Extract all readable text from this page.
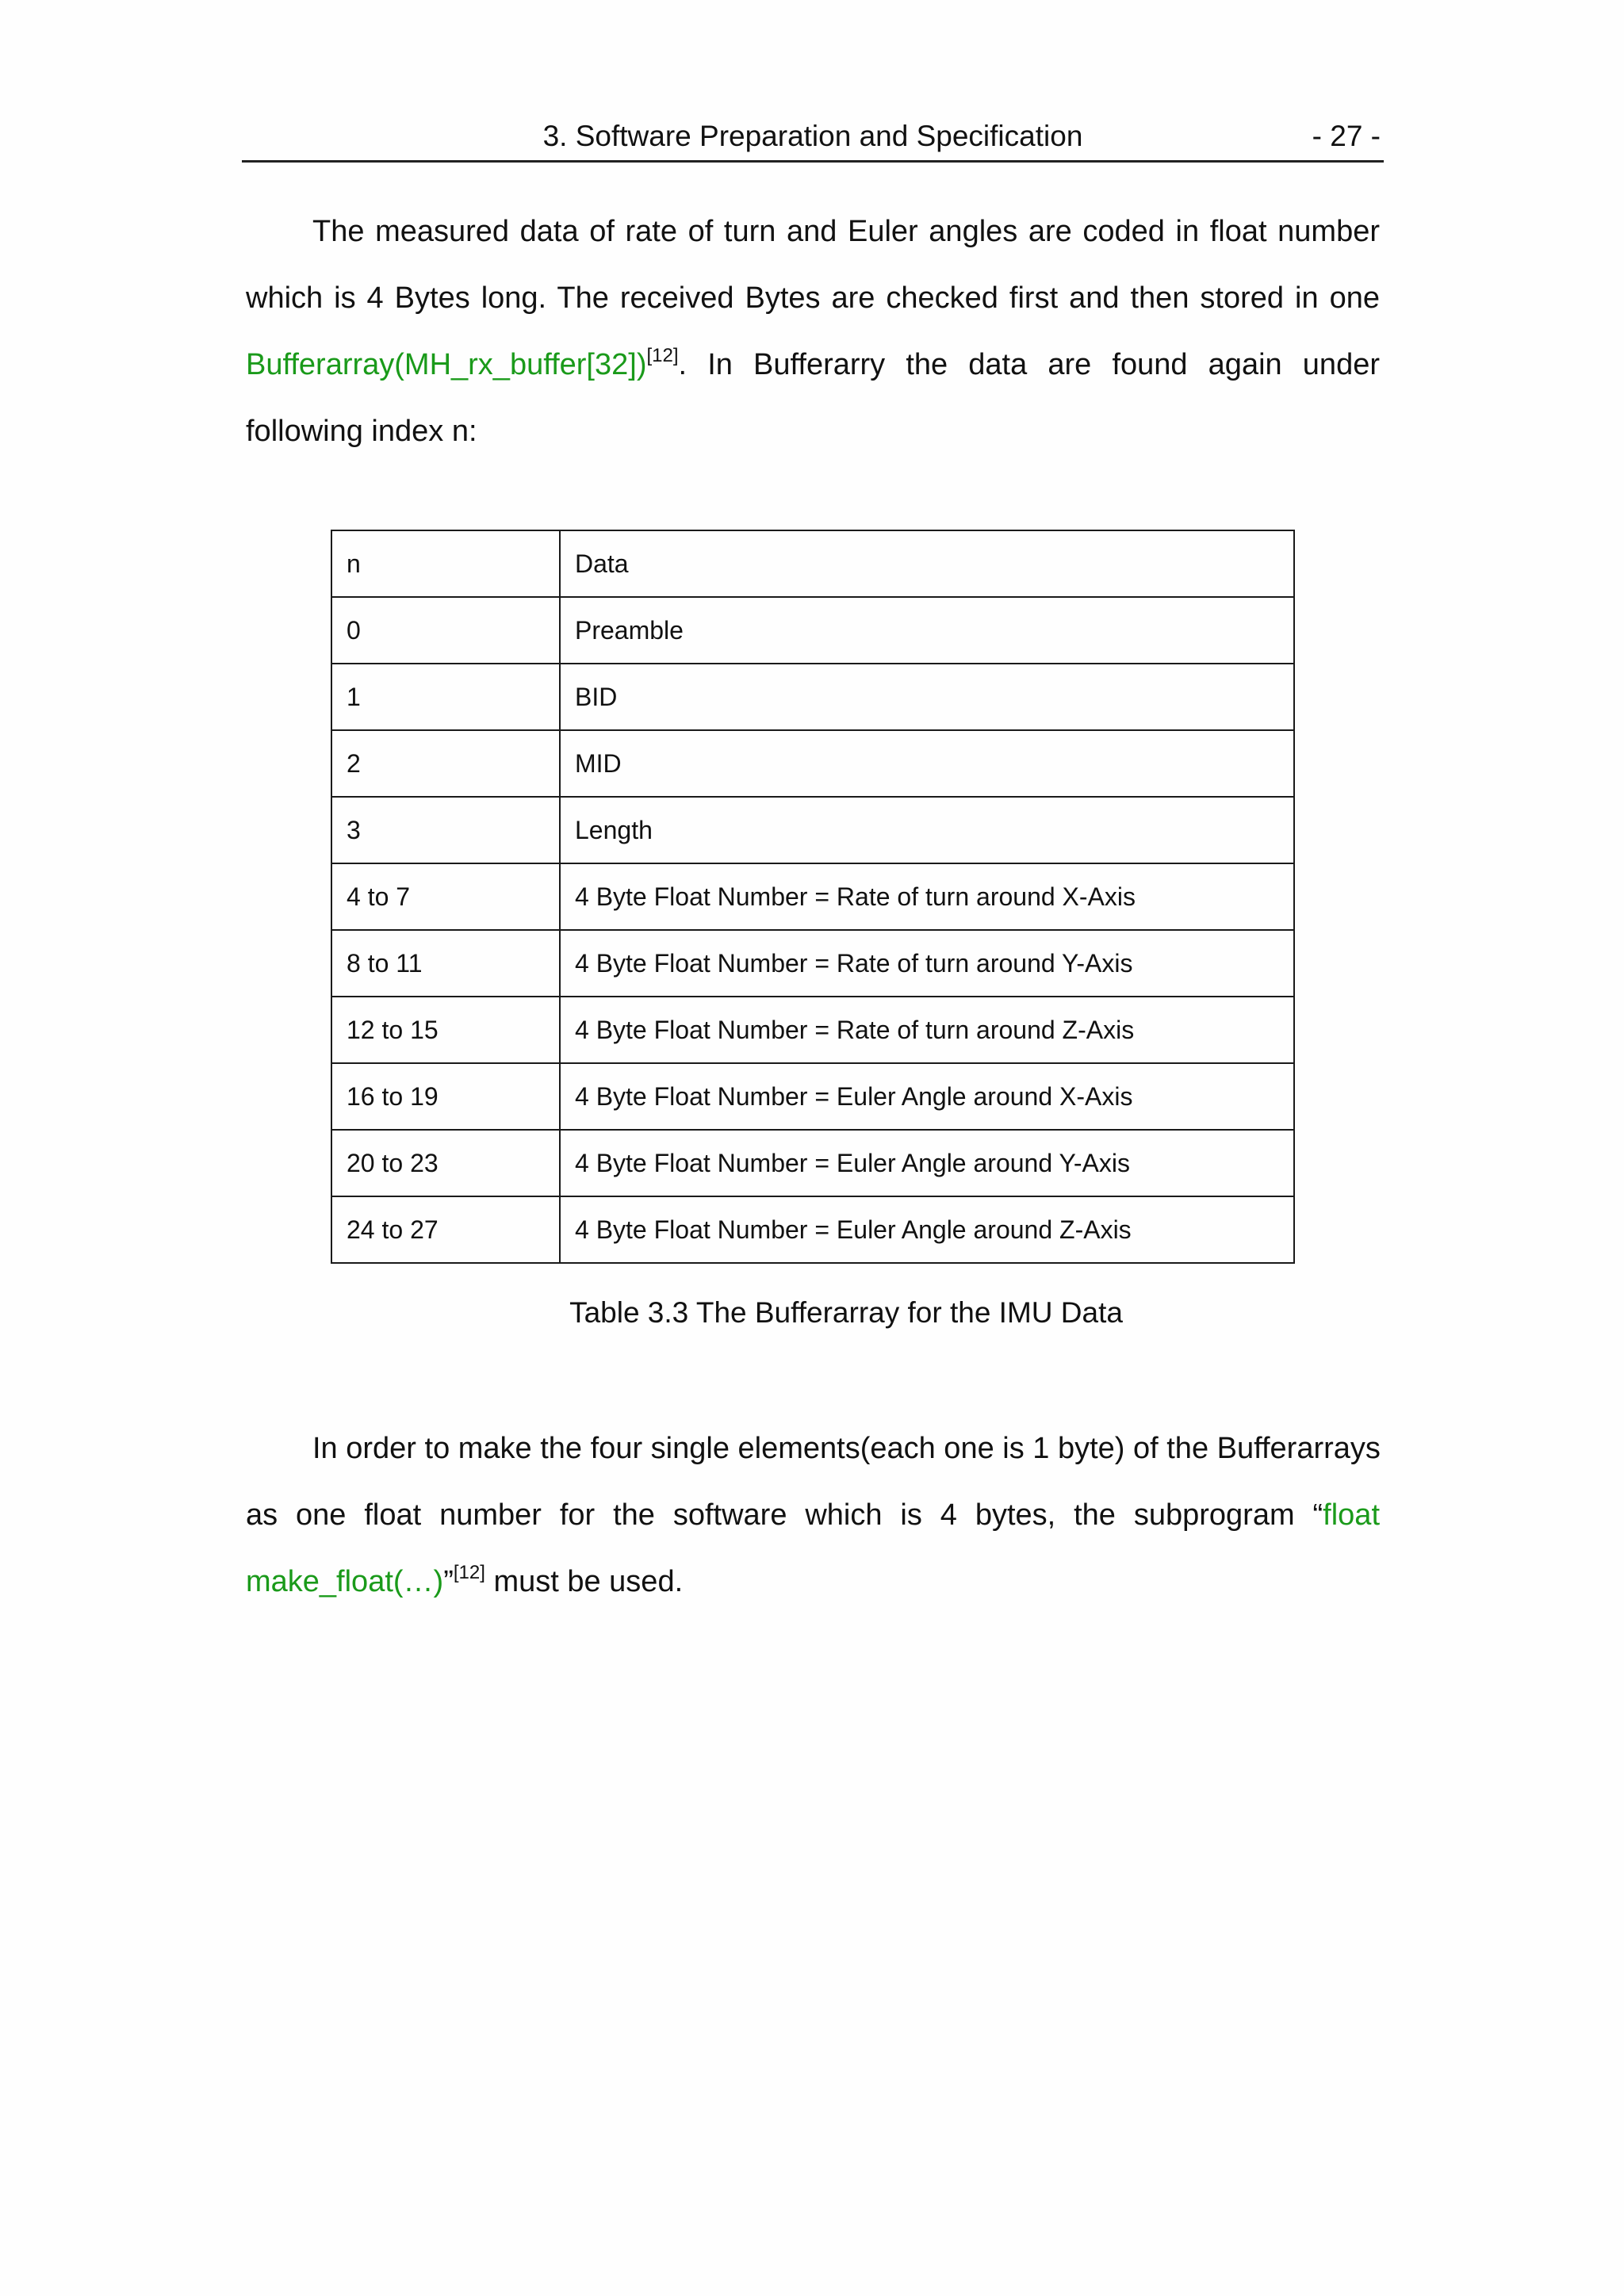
3. Software Preparation and Specification	- 27 -
The measured data of rate of turn and Euler angles are coded in float number
which is 4 Bytes long. The received Bytes are checked first and then stored in one
Bufferarray(MH_rx_buffer[32])[12]. In Bufferarry the data are found again under
following index n:
n	Data
0	Preamble
1	BID
2	MID
3	Length
4 to 7	4 Byte Float Number = Rate of turn around X-Axis
8 to 11	4 Byte Float Number = Rate of turn around Y-Axis
12 to 15	4 Byte Float Number = Rate of turn around Z-Axis
16 to 19	4 Byte Float Number = Euler Angle around X-Axis
20 to 23	4 Byte Float Number = Euler Angle around Y-Axis
24 to 27	4 Byte Float Number = Euler Angle around Z-Axis
Table 3.3 The Bufferarray for the IMU Data
In order to make the four single elements(each one is 1 byte) of the Bufferarrays
as one float number for the software which is 4 bytes, the subprogram “float
make_float(…)”[12] must be used.
